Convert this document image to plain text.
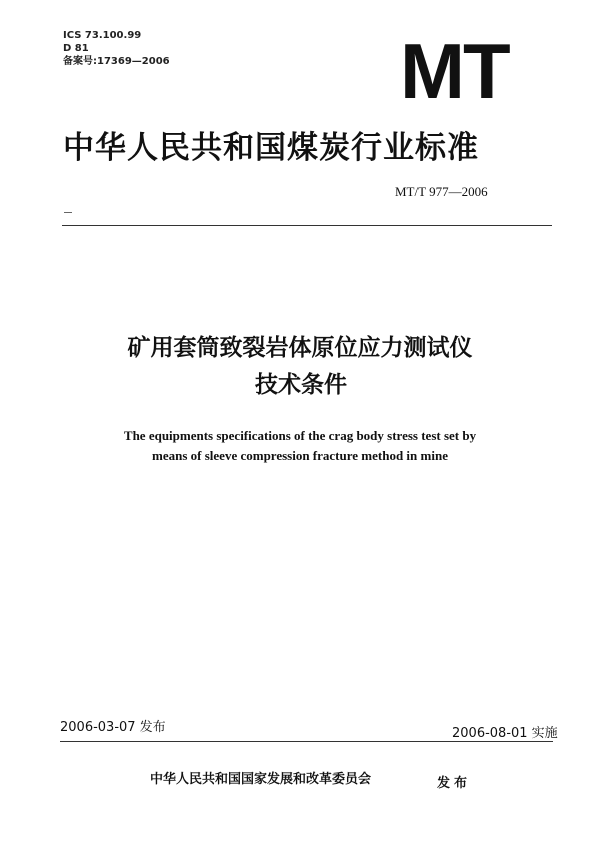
ICS 73.100.99
D 81
备案号:17369—2006	MT
中华人民共和国煤炭行业标准
MT/T 977—2006
矿用套筒致裂岩体原位应力测试仪
技术条件
The equipments specifications of the crag body stress test set by
means of sleeve compression fracture method in mine
2006-03-07 发布	2006-08-01 实施
中华人民共和国国家发展和改革委员会	发布
